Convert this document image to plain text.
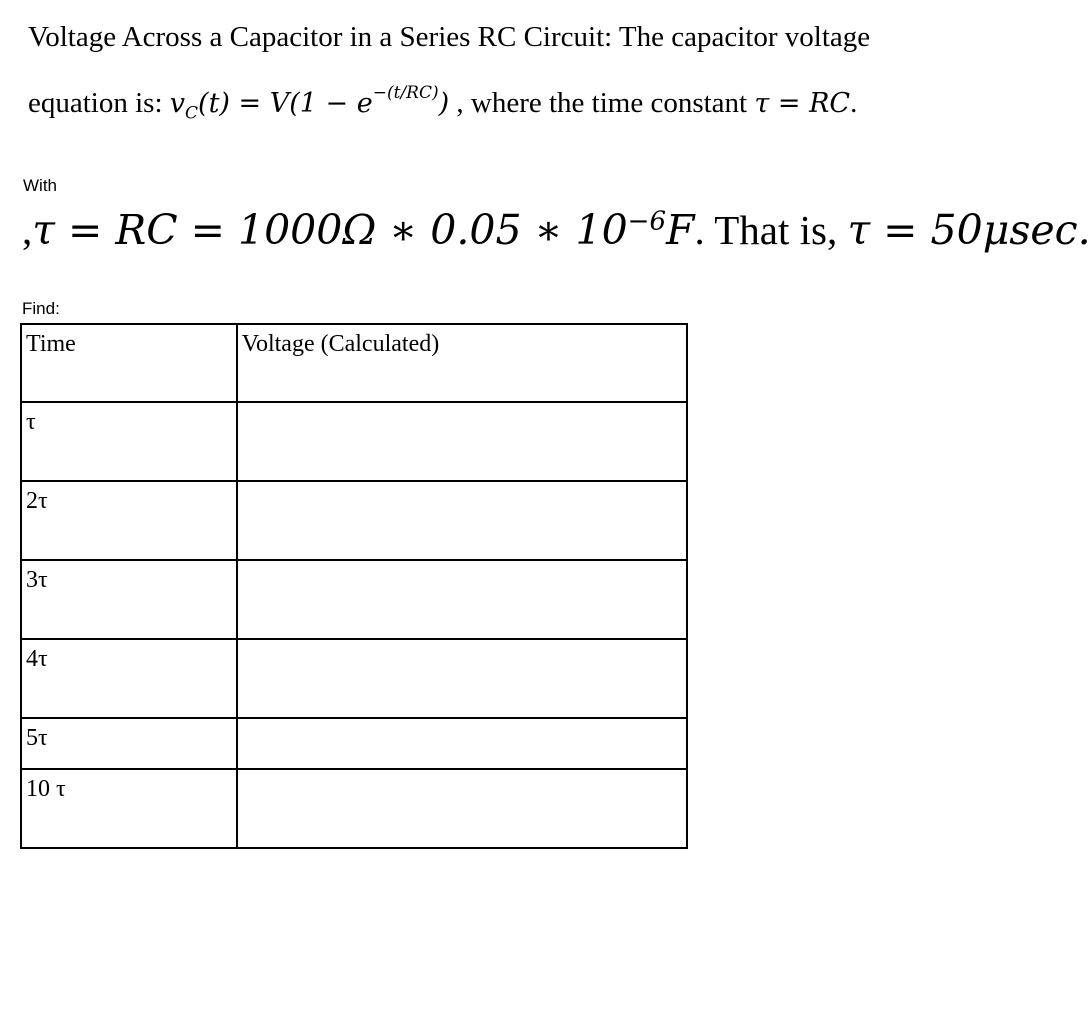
Voltage Across a Capacitor in a Series RC Circuit: The capacitor voltage
equation is: $v_C(t) = V(1 - e^{-(t/RC)})$ , where the time constant τ = RC.
With
,τ = RC = 1000Ω ∗ 0.05 ∗ $10^{-6}F$. That is, τ = 50μsec.
Find:
Time	Voltage (Calculated)
τ	
2τ	
3τ	
4τ	
5τ	
10 τ	
